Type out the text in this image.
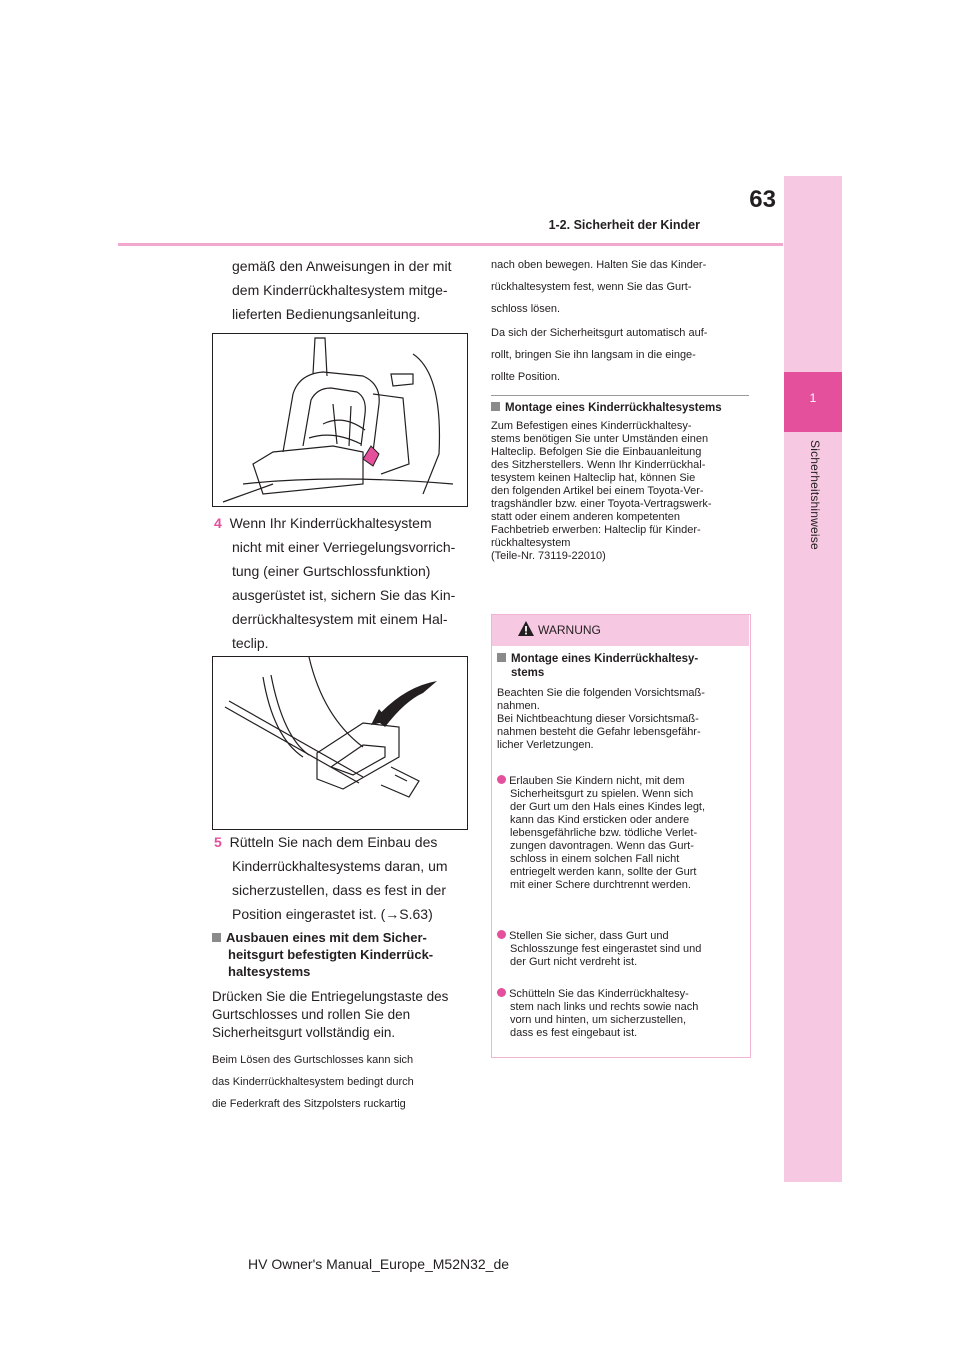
63
1-2. Sicherheit der Kinder
1
Sicherheitshinweise
gemäß den Anweisungen in der mit
dem Kinderrückhaltesystem mitge-
lieferten Bedienungsanleitung.
4 Wenn Ihr Kinderrückhaltesystem
nicht mit einer Verriegelungsvorrich-
tung (einer Gurtschlossfunktion)
ausgerüstet ist, sichern Sie das Kin-
derrückhaltesystem mit einem Hal-
teclip.
5 Rütteln Sie nach dem Einbau des
Kinderrückhaltesystems daran, um
sicherzustellen, dass es fest in der
Position eingerastet ist. (→S.63)
Ausbauen eines mit dem Sicher-
heitsgurt befestigten Kinderrück-
haltesystems
Drücken Sie die Entriegelungstaste des
Gurtschlosses und rollen Sie den
Sicherheitsgurt vollständig ein.
Beim Lösen des Gurtschlosses kann sich
das Kinderrückhaltesystem bedingt durch
die Federkraft des Sitzpolsters ruckartig
nach oben bewegen. Halten Sie das Kinder-
rückhaltesystem fest, wenn Sie das Gurt-
schloss lösen.
Da sich der Sicherheitsgurt automatisch auf-
rollt, bringen Sie ihn langsam in die einge-
rollte Position.
Montage eines Kinderrückhaltesystems
Zum Befestigen eines Kinderrückhaltesy-
stems benötigen Sie unter Umständen einen
Halteclip. Befolgen Sie die Einbauanleitung
des Sitzherstellers. Wenn Ihr Kinderrückhal-
tesystem keinen Halteclip hat, können Sie
den folgenden Artikel bei einem Toyota-Ver-
tragshändler bzw. einer Toyota-Vertragswerk-
statt oder einem anderen kompetenten
Fachbetrieb erwerben: Halteclip für Kinder-
rückhaltesystem
(Teile-Nr. 73119-22010)
WARNUNG
Montage eines Kinderrückhaltesy-
stems
Beachten Sie die folgenden Vorsichtsmaß-
nahmen.
Bei Nichtbeachtung dieser Vorsichtsmaß-
nahmen besteht die Gefahr lebensgefähr-
licher Verletzungen.
Erlauben Sie Kindern nicht, mit dem
Sicherheitsgurt zu spielen. Wenn sich
der Gurt um den Hals eines Kindes legt,
kann das Kind ersticken oder andere
lebensgefährliche bzw. tödliche Verlet-
zungen davontragen. Wenn das Gurt-
schloss in einem solchen Fall nicht
entriegelt werden kann, sollte der Gurt
mit einer Schere durchtrennt werden.
Stellen Sie sicher, dass Gurt und
Schlosszunge fest eingerastet sind und
der Gurt nicht verdreht ist.
Schütteln Sie das Kinderrückhaltesy-
stem nach links und rechts sowie nach
vorn und hinten, um sicherzustellen,
dass es fest eingebaut ist.
HV Owner's Manual_Europe_M52N32_de
